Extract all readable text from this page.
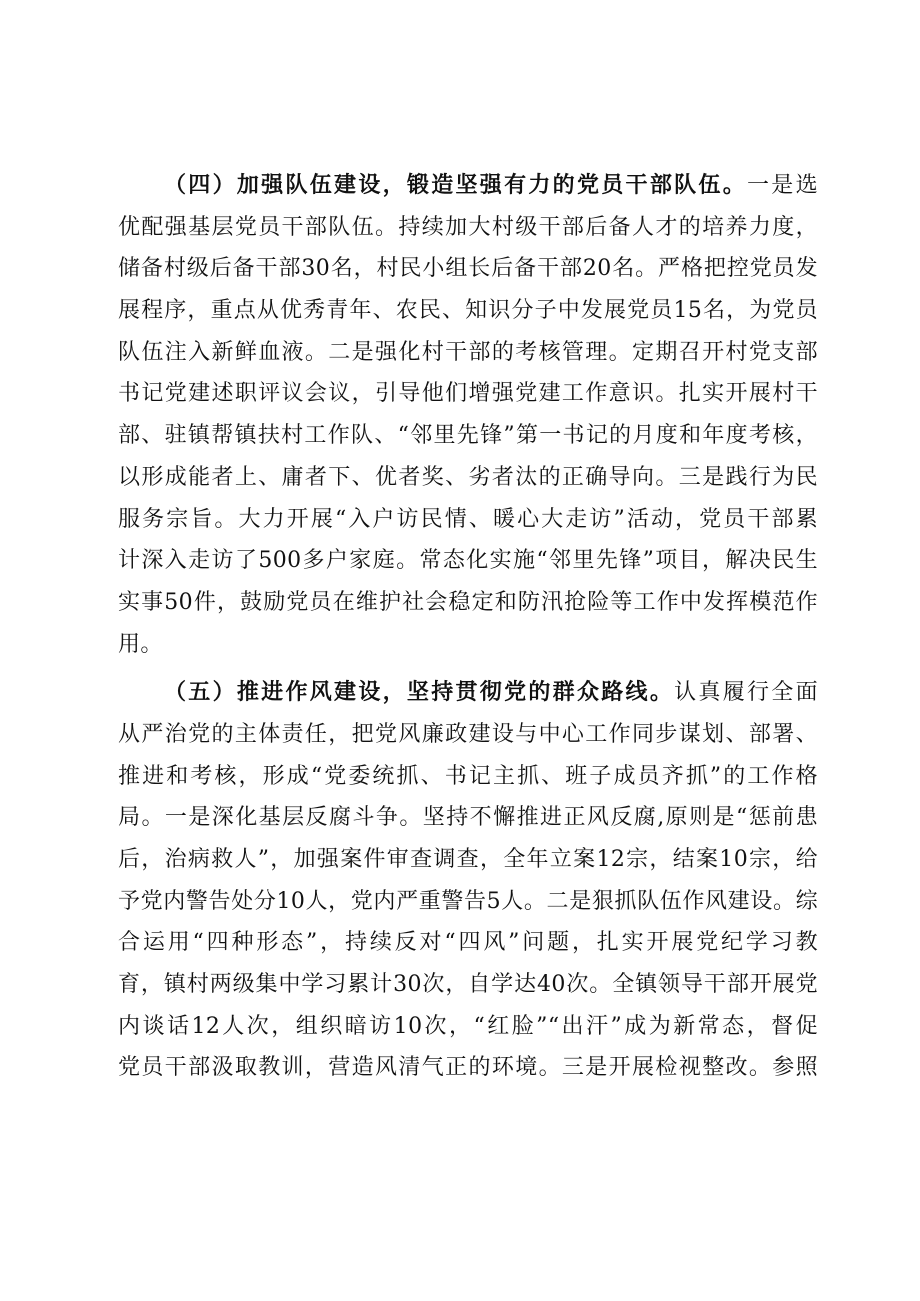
（四）加强队伍建设，锻造坚强有力的党员干部队伍。一是选
优配强基层党员干部队伍。持续加大村级干部后备人才的培养力度，
储备村级后备干部30名，村民小组长后备干部20名。严格把控党员发
展程序，重点从优秀青年、农民、知识分子中发展党员15名，为党员
队伍注入新鲜血液。二是强化村干部的考核管理。定期召开村党支部
书记党建述职评议会议，引导他们增强党建工作意识。扎实开展村干
部、驻镇帮镇扶村工作队、“邻里先锋”第一书记的月度和年度考核，
以形成能者上、庸者下、优者奖、劣者汰的正确导向。三是践行为民
服务宗旨。大力开展“入户访民情、暖心大走访”活动，党员干部累
计深入走访了500多户家庭。常态化实施“邻里先锋”项目，解决民生
实事50件，鼓励党员在维护社会稳定和防汛抢险等工作中发挥模范作
用。
（五）推进作风建设，坚持贯彻党的群众路线。认真履行全面
从严治党的主体责任，把党风廉政建设与中心工作同步谋划、部署、
推进和考核，形成“党委统抓、书记主抓、班子成员齐抓”的工作格
局。一是深化基层反腐斗争。坚持不懈推进正风反腐,原则是“惩前患
后，治病救人”，加强案件审查调查，全年立案12宗，结案10宗，给
予党内警告处分10人，党内严重警告5人。二是狠抓队伍作风建设。综
合运用“四种形态”，持续反对“四风”问题，扎实开展党纪学习教
育，镇村两级集中学习累计30次，自学达40次。全镇领导干部开展党
内谈话12人次，组织暗访10次，“红脸”“出汗”成为新常态，督促
党员干部汲取教训，营造风清气正的环境。三是开展检视整改。参照
